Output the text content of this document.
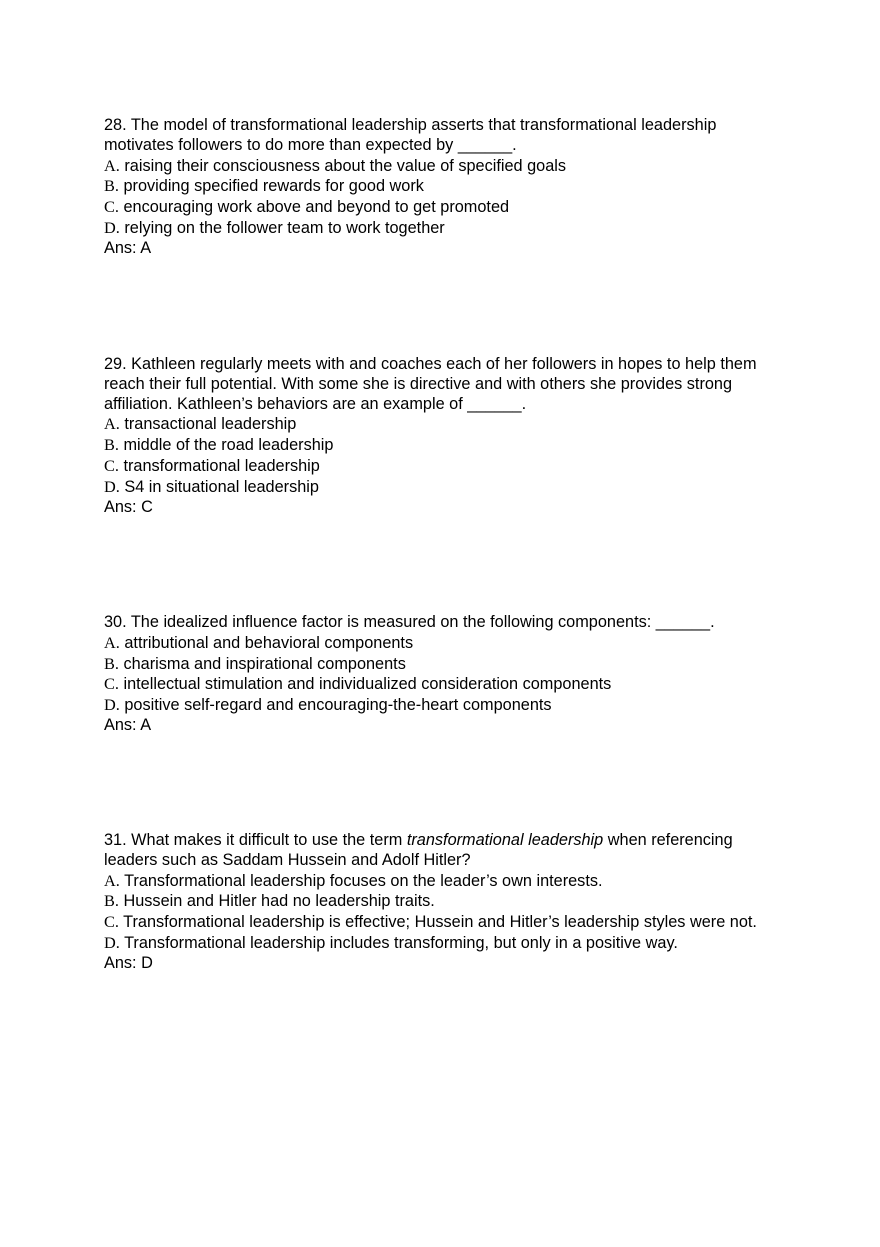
28. The model of transformational leadership asserts that transformational leadership motivates followers to do more than expected by ______.

A. raising their consciousness about the value of specified goals

B. providing specified rewards for good work

C. encouraging work above and beyond to get promoted

D. relying on the follower team to work together

Ans: A

29. Kathleen regularly meets with and coaches each of her followers in hopes to help them reach their full potential. With some she is directive and with others she provides strong affiliation. Kathleen’s behaviors are an example of ______.

A. transactional leadership

B. middle of the road leadership

C. transformational leadership

D. S4 in situational leadership

Ans: C

30. The idealized influence factor is measured on the following components: ______.

A. attributional and behavioral components

B. charisma and inspirational components

C. intellectual stimulation and individualized consideration components

D. positive self-regard and encouraging-the-heart components

Ans: A

31. What makes it difficult to use the term transformational leadership when referencing leaders such as Saddam Hussein and Adolf Hitler?

A. Transformational leadership focuses on the leader’s own interests.

B. Hussein and Hitler had no leadership traits.

C. Transformational leadership is effective; Hussein and Hitler’s leadership styles were not.

D. Transformational leadership includes transforming, but only in a positive way.

Ans: D
